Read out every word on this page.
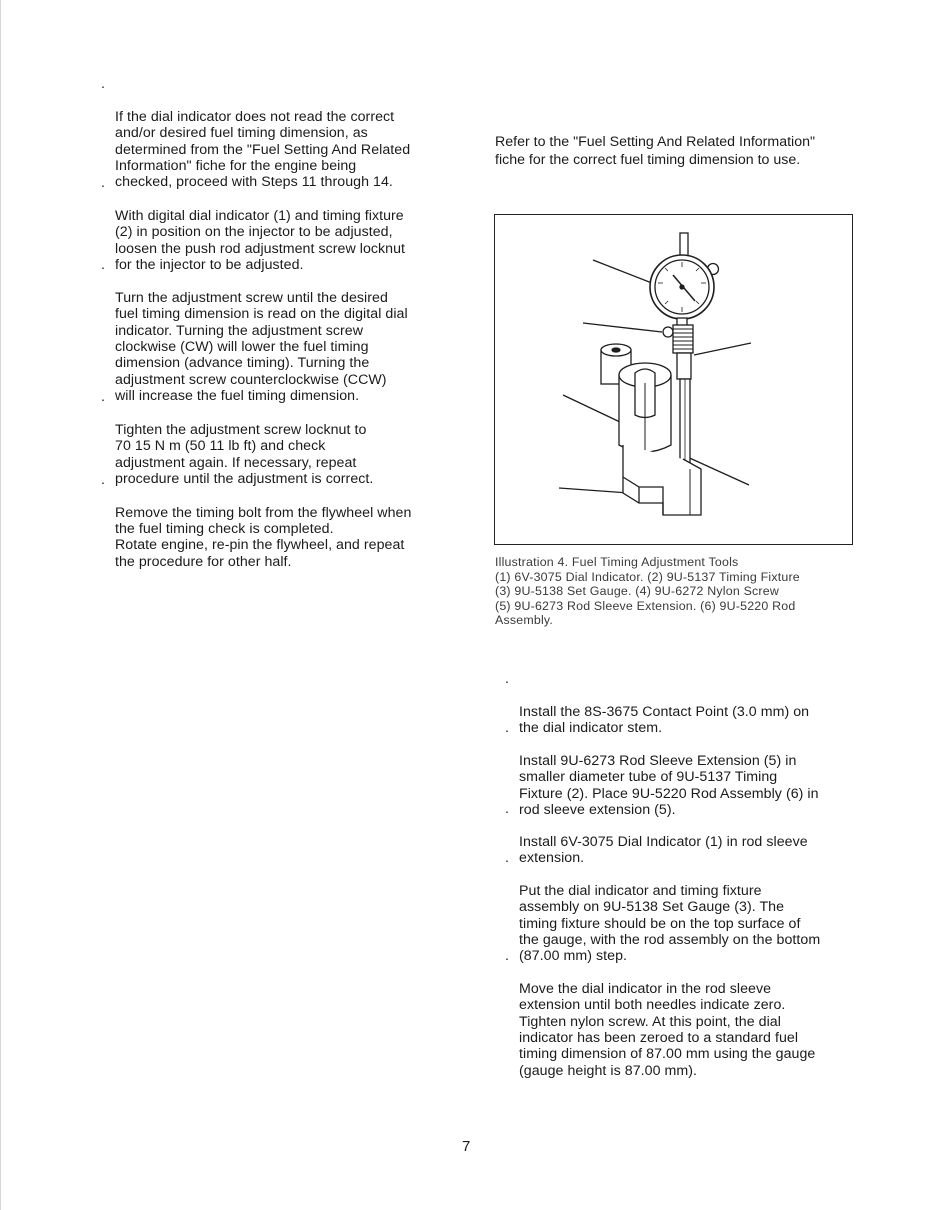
.

If the dial indicator does not read the correct
and/or desired fuel timing dimension, as
determined from the "Fuel Setting And Related
Information" fiche for the engine being
checked, proceed with Steps 11 through 14.

.

With digital dial indicator (1) and timing fixture
(2) in position on the injector to be adjusted,
loosen the push rod adjustment screw locknut
for the injector to be adjusted.

.

Turn the adjustment screw until the desired
fuel timing dimension is read on the digital dial
indicator. Turning the adjustment screw
clockwise (CW) will lower the fuel timing
dimension (advance timing). Turning the
adjustment screw counterclockwise (CCW)
will increase the fuel timing dimension.

.

Tighten the adjustment screw locknut to
70 15 N m (50 11 lb ft) and check
adjustment again. If necessary, repeat
procedure until the adjustment is correct.

.

Remove the timing bolt from the flywheel when
the fuel timing check is completed.

Rotate engine, re-pin the flywheel, and repeat
the procedure for other half.

Refer to the "Fuel Setting And Related Information"
fiche for the correct fuel timing dimension to use.
Illustration 4. Fuel Timing Adjustment Tools
(1) 6V-3075 Dial Indicator. (2) 9U-5137 Timing Fixture
(3) 9U-5138 Set Gauge. (4) 9U-6272 Nylon Screw
(5) 9U-6273 Rod Sleeve Extension. (6) 9U-5220 Rod
Assembly.

.

Install the 8S-3675 Contact Point (3.0 mm) on
the dial indicator stem.

.

Install 9U-6273 Rod Sleeve Extension (5) in
smaller diameter tube of 9U-5137 Timing
Fixture (2). Place 9U-5220 Rod Assembly (6) in
rod sleeve extension (5).

.

Install 6V-3075 Dial Indicator (1) in rod sleeve
extension.

.

Put the dial indicator and timing fixture
assembly on 9U-5138 Set Gauge (3). The
timing fixture should be on the top surface of
the gauge, with the rod assembly on the bottom
(87.00 mm) step.

.

Move the dial indicator in the rod sleeve
extension until both needles indicate zero.
Tighten nylon screw. At this point, the dial
indicator has been zeroed to a standard fuel
timing dimension of 87.00 mm using the gauge
(gauge height is 87.00 mm).

7
